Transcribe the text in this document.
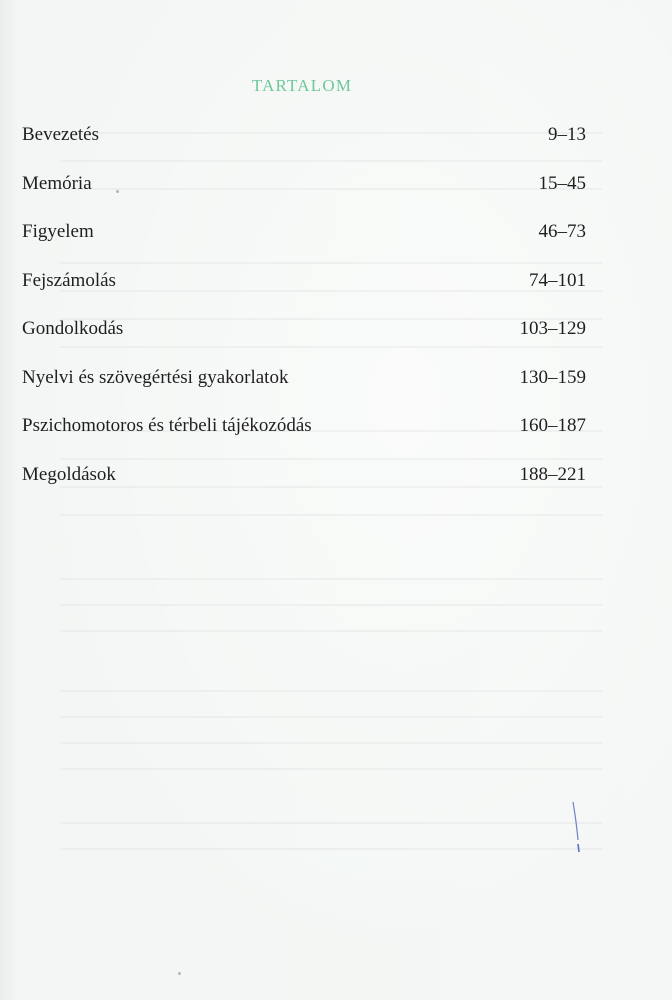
TARTALOM
Bevezetés	9–13
Memória	15–45
Figyelem	46–73
Fejszámolás	74–101
Gondolkodás	103–129
Nyelvi és szövegértési gyakorlatok	130–159
Pszichomotoros és térbeli tájékozódás	160–187
Megoldások	188–221
